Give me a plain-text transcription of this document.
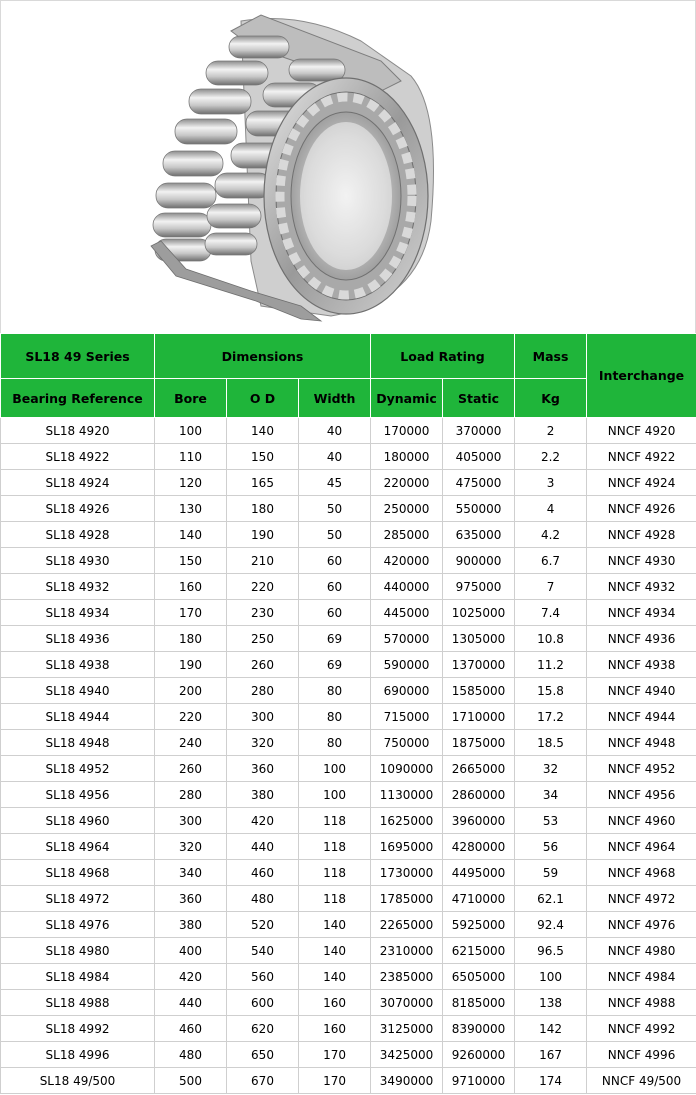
SL18 49 Series	Dimensions			Load Rating		Mass	Interchange
Bearing Reference	Bore	O D	Width	Dynamic	Static	Kg	
SL18 4920	100	140	40	170000	370000	2	NNCF 4920
SL18 4922	110	150	40	180000	405000	2.2	NNCF 4922
SL18 4924	120	165	45	220000	475000	3	NNCF 4924
SL18 4926	130	180	50	250000	550000	4	NNCF 4926
SL18 4928	140	190	50	285000	635000	4.2	NNCF 4928
SL18 4930	150	210	60	420000	900000	6.7	NNCF 4930
SL18 4932	160	220	60	440000	975000	7	NNCF 4932
SL18 4934	170	230	60	445000	1025000	7.4	NNCF 4934
SL18 4936	180	250	69	570000	1305000	10.8	NNCF 4936
SL18 4938	190	260	69	590000	1370000	11.2	NNCF 4938
SL18 4940	200	280	80	690000	1585000	15.8	NNCF 4940
SL18 4944	220	300	80	715000	1710000	17.2	NNCF 4944
SL18 4948	240	320	80	750000	1875000	18.5	NNCF 4948
SL18 4952	260	360	100	1090000	2665000	32	NNCF 4952
SL18 4956	280	380	100	1130000	2860000	34	NNCF 4956
SL18 4960	300	420	118	1625000	3960000	53	NNCF 4960
SL18 4964	320	440	118	1695000	4280000	56	NNCF 4964
SL18 4968	340	460	118	1730000	4495000	59	NNCF 4968
SL18 4972	360	480	118	1785000	4710000	62.1	NNCF 4972
SL18 4976	380	520	140	2265000	5925000	92.4	NNCF 4976
SL18 4980	400	540	140	2310000	6215000	96.5	NNCF 4980
SL18 4984	420	560	140	2385000	6505000	100	NNCF 4984
SL18 4988	440	600	160	3070000	8185000	138	NNCF 4988
SL18 4992	460	620	160	3125000	8390000	142	NNCF 4992
SL18 4996	480	650	170	3425000	9260000	167	NNCF 4996
SL18 49/500	500	670	170	3490000	9710000	174	NNCF 49/500
